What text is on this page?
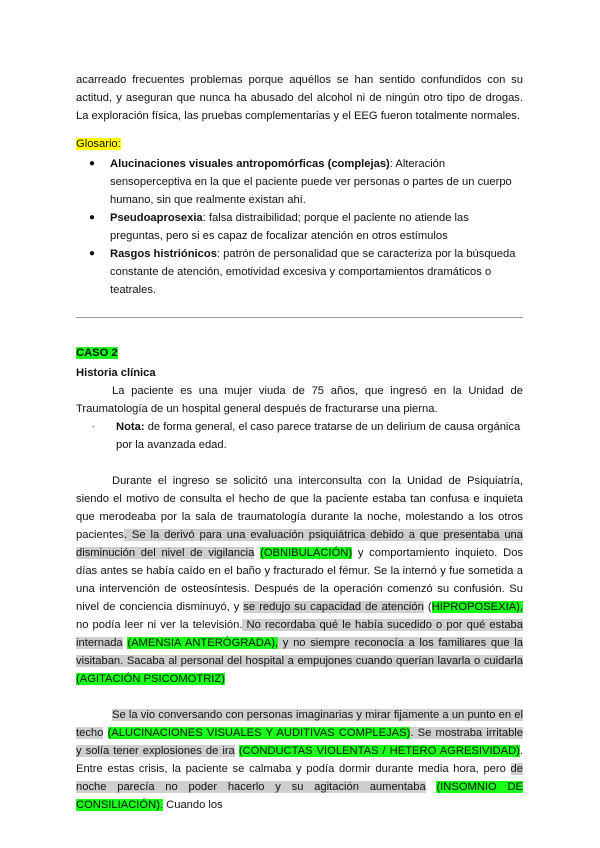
acarreado frecuentes problemas porque aquéllos se han sentido confundidos con su actitud, y aseguran que nunca ha abusado del alcohol ni de ningún otro tipo de drogas. La exploración física, las pruebas complementarias y el EEG fueron totalmente normales.

Glosario:

● Alucinaciones visuales antropomórficas (complejas): Alteración sensoperceptiva en la que el paciente puede ver personas o partes de un cuerpo humano, sin que realmente existan ahí.
● Pseudoaprosexia: falsa distraibilidad; porque el paciente no atiende las preguntas, pero si es capaz de focalizar atención en otros estímulos
● Rasgos histriónicos: patrón de personalidad que se caracteriza por la búsqueda constante de atención, emotividad excesiva y comportamientos dramáticos o teatrales.

CASO 2

Historia clínica

La paciente es una mujer viuda de 75 años, que ingresó en la Unidad de Traumatología de un hospital general después de fracturarse una pierna.

· Nota: de forma general, el caso parece tratarse de un delirium de causa orgánica por la avanzada edad.

Durante el ingreso se solicitó una interconsulta con la Unidad de Psiquiatría, siendo el motivo de consulta el hecho de que la paciente estaba tan confusa e inquieta que merodeaba por la sala de traumatología durante la noche, molestando a los otros pacientes. Se la derivó para una evaluación psiquiátrica debido a que presentaba una disminución del nivel de vigilancia (OBNIBULACIÓN) y comportamiento inquieto. Dos días antes se había caído en el baño y fracturado el fémur. Se la internó y fue sometida a una intervención de osteosíntesis. Después de la operación comenzó su confusión. Su nivel de conciencia disminuyó, y se redujo su capacidad de atención (HIPROPOSEXIA), no podía leer ni ver la televisión. No recordaba qué le había sucedido o por qué estaba internada (AMENSIA ANTERÓGRADA), y no siempre reconocía a los familiares que la visitaban. Sacaba al personal del hospital a empujones cuando querían lavarla o cuidarla (AGITACIÓN PSICOMOTRIZ)

Se la vio conversando con personas imaginarias y mirar fijamente a un punto en el techo (ALUCINACIONES VISUALES Y AUDITIVAS COMPLEJAS). Se mostraba irritable y solía tener explosiones de ira (CONDUCTAS VIOLENTAS / HETERO AGRESIVIDAD). Entre estas crisis, la paciente se calmaba y podía dormir durante media hora, pero de noche parecía no poder hacerlo y su agitación aumentaba (INSOMNIO DE CONSILIACIÓN). Cuando los
